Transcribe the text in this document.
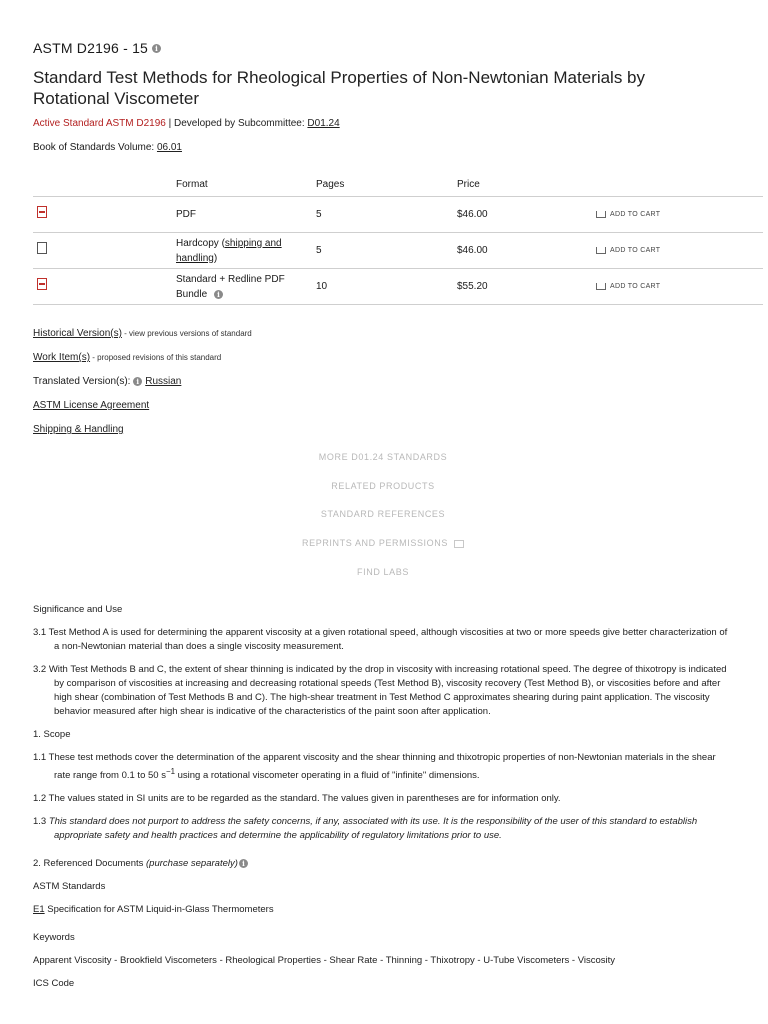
ASTM D2196 - 15	i
Standard Test Methods for Rheological Properties of Non-Newtonian Materials by Rotational Viscometer
Active Standard ASTM D2196 | Developed by Subcommittee: D01.24
Book of Standards Volume: 06.01
	Format	Pages	Price	
	PDF	5	$46.00	ADD TO CART

	Hardcopy (shipping and handling)	5	$46.00	ADD TO CART

	Standard + Redline PDF Bundle i	10	$55.20	ADD TO CART
Historical Version(s) - view previous versions of standard
Work Item(s) - proposed revisions of this standard
Translated Version(s): i Russian
ASTM License Agreement
Shipping & Handling
MORE D01.24 STANDARDS
RELATED PRODUCTS
STANDARD REFERENCES
REPRINTS AND PERMISSIONS
FIND LABS
Significance and Use

3.1 Test Method A is used for determining the apparent viscosity at a given rotational speed, although viscosities at two or more speeds give better characterization of a non-Newtonian material than does a single viscosity measurement.

3.2 With Test Methods B and C, the extent of shear thinning is indicated by the drop in viscosity with increasing rotational speed. The degree of thixotropy is indicated by comparison of viscosities at increasing and decreasing rotational speeds (Test Method B), viscosity recovery (Test Method B), or viscosities before and after high shear (combination of Test Methods B and C). The high-shear treatment in Test Method C approximates shearing during paint application. The viscosity behavior measured after high shear is indicative of the characteristics of the paint soon after application.

1. Scope

1.1 These test methods cover the determination of the apparent viscosity and the shear thinning and thixotropic properties of non-Newtonian materials in the shear rate range from 0.1 to 50 $s^{-1}$ using a rotational viscometer operating in a fluid of "infinite" dimensions.

1.2 The values stated in SI units are to be regarded as the standard. The values given in parentheses are for information only.

1.3 This standard does not purport to address the safety concerns, if any, associated with its use. It is the responsibility of the user of this standard to establish appropriate safety and health practices and determine the applicability of regulatory limitations prior to use.

2. Referenced Documents (purchase separately) i
ASTM Standards
E1 Specification for ASTM Liquid-in-Glass Thermometers
Keywords
Apparent Viscosity - Brookfield Viscometers - Rheological Properties - Shear Rate - Thinning - Thixotropy - U-Tube Viscometers - Viscosity
ICS Code
